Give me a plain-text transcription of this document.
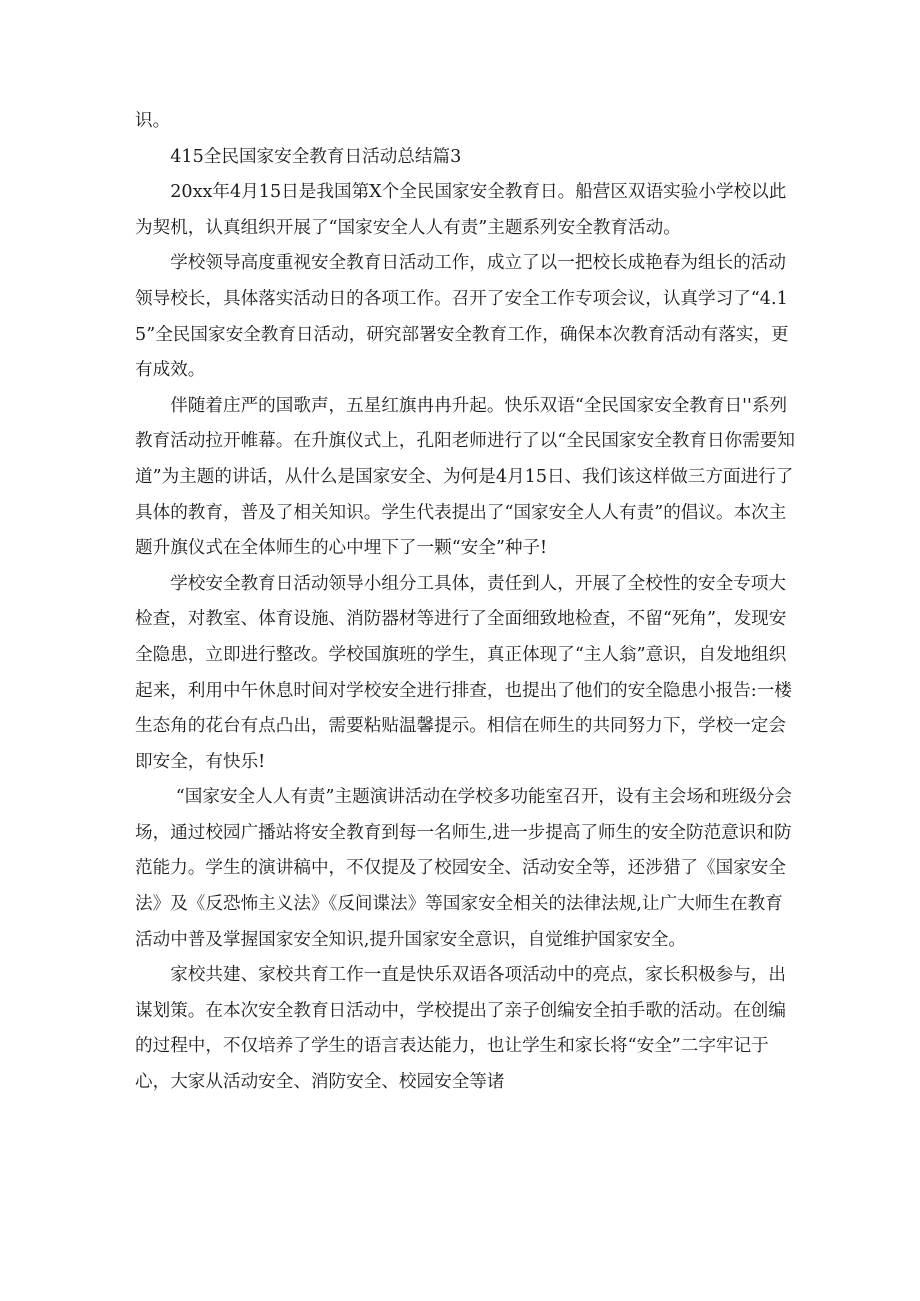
识。

415全民国家安全教育日活动总结篇3

20xx年4月15日是我国第X个全民国家安全教育日。船营区双语实验小学校以此为契机，认真组织开展了“国家安全人人有责”主题系列安全教育活动。

学校领导高度重视安全教育日活动工作，成立了以一把校长成艳春为组长的活动领导校长，具体落实活动日的各项工作。召开了安全工作专项会议，认真学习了“4.15”全民国家安全教育日活动，研究部署安全教育工作，确保本次教育活动有落实，更有成效。

伴随着庄严的国歌声，五星红旗冉冉升起。快乐双语“全民国家安全教育日''系列教育活动拉开帷幕。在升旗仪式上，孔阳老师进行了以“全民国家安全教育日你需要知道”为主题的讲话，从什么是国家安全、为何是4月15日、我们该这样做三方面进行了具体的教育，普及了相关知识。学生代表提出了“国家安全人人有责”的倡议。本次主题升旗仪式在全体师生的心中埋下了一颗“安全”种子!

学校安全教育日活动领导小组分工具体，责任到人，开展了全校性的安全专项大检查，对教室、体育设施、消防器材等进行了全面细致地检查，不留“死角”，发现安全隐患，立即进行整改。学校国旗班的学生，真正体现了“主人翁”意识，自发地组织起来，利用中午休息时间对学校安全进行排查，也提出了他们的安全隐患小报告:一楼生态角的花台有点凸出，需要粘贴温馨提示。相信在师生的共同努力下，学校一定会即安全，有快乐!

“国家安全人人有责”主题演讲活动在学校多功能室召开，设有主会场和班级分会场，通过校园广播站将安全教育到每一名师生,进一步提高了师生的安全防范意识和防范能力。学生的演讲稿中，不仅提及了校园安全、活动安全等，还涉猎了《国家安全法》及《反恐怖主义法》《反间谍法》等国家安全相关的法律法规,让广大师生在教育活动中普及掌握国家安全知识,提升国家安全意识，自觉维护国家安全。

家校共建、家校共育工作一直是快乐双语各项活动中的亮点，家长积极参与，出谋划策。在本次安全教育日活动中，学校提出了亲子创编安全拍手歌的活动。在创编的过程中，不仅培养了学生的语言表达能力，也让学生和家长将“安全”二字牢记于心，大家从活动安全、消防安全、校园安全等诸
